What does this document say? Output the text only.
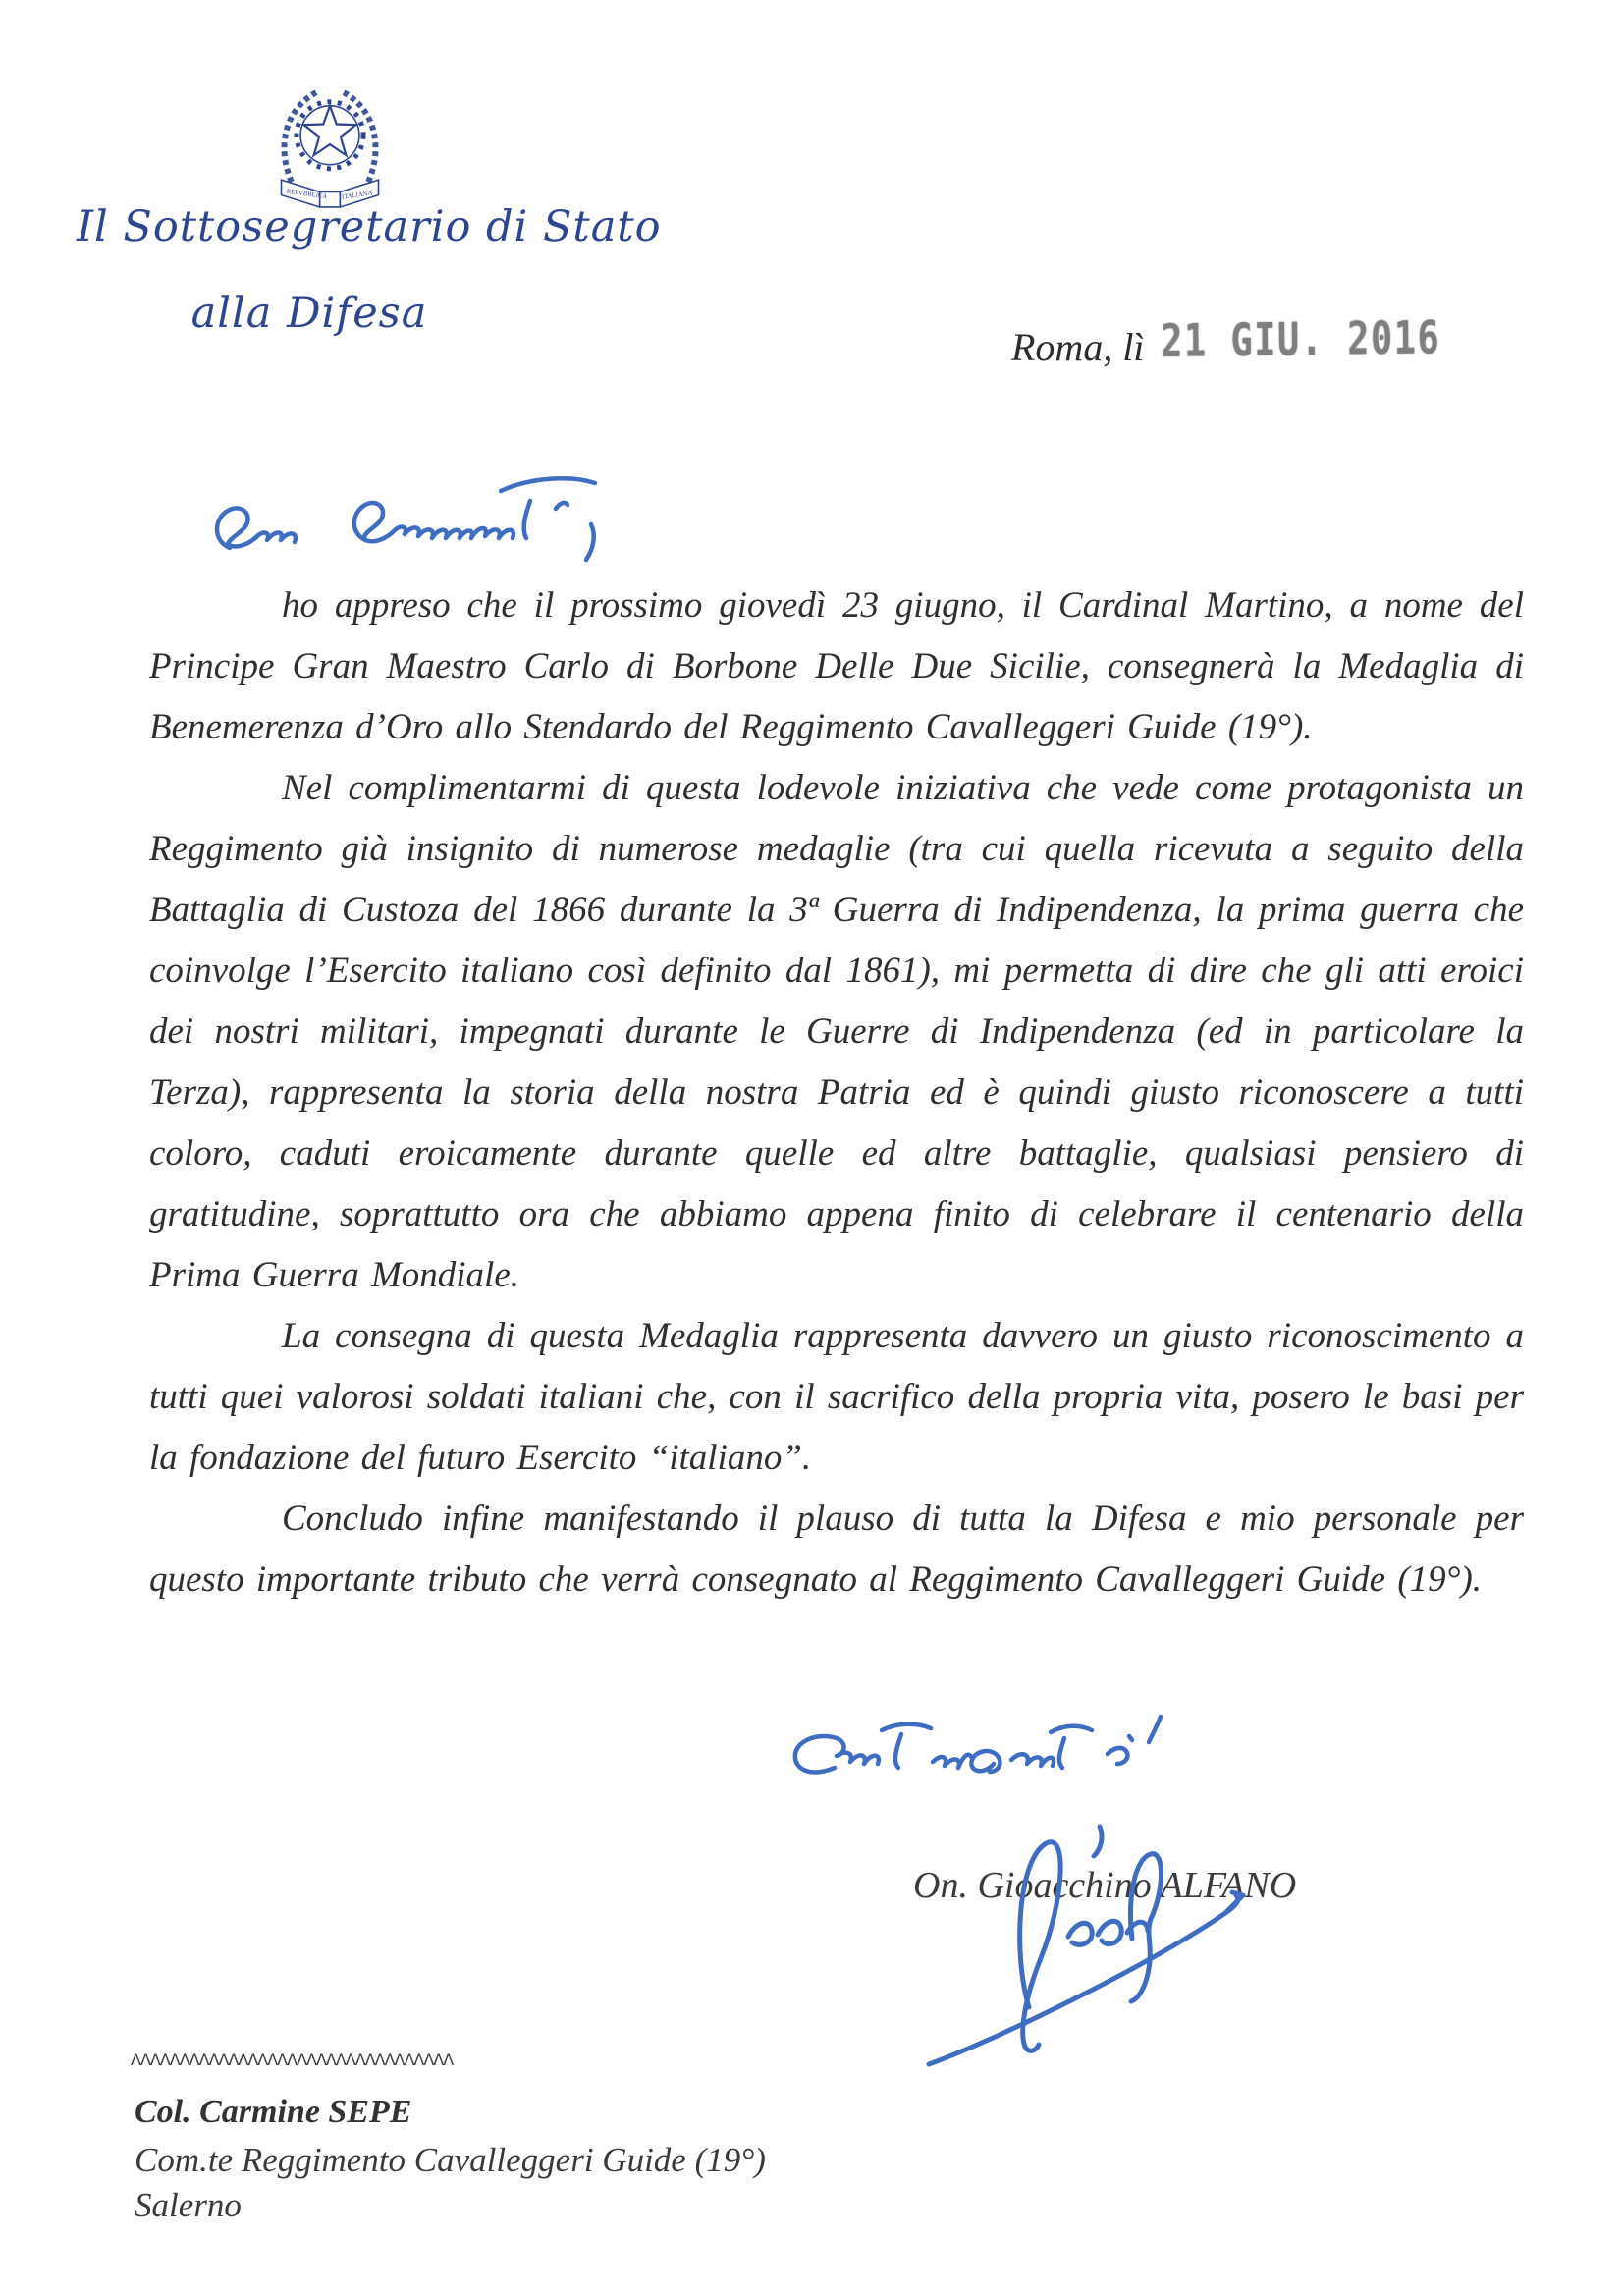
REPVBBLICA ITALIANA
Il Sottosegretario di Stato
alla Difesa
Roma, lì 21 GIU. 2016

ho appreso che il prossimo giovedì 23 giugno, il Cardinal Martino, a nome del Principe Gran Maestro Carlo di Borbone Delle Due Sicilie, consegnerà la Medaglia di Benemerenza d’Oro allo Stendardo del Reggimento Cavalleggeri Guide (19°).

Nel complimentarmi di questa lodevole iniziativa che vede come protagonista un Reggimento già insignito di numerose medaglie (tra cui quella ricevuta a seguito della Battaglia di Custoza del 1866 durante la 3ª Guerra di Indipendenza, la prima guerra che coinvolge l’Esercito italiano così definito dal 1861), mi permetta di dire che gli atti eroici dei nostri militari, impegnati durante le Guerre di Indipendenza (ed in particolare la Terza), rappresenta la storia della nostra Patria ed è quindi giusto riconoscere a tutti coloro, caduti eroicamente durante quelle ed altre battaglie, qualsiasi pensiero di gratitudine, soprattutto ora che abbiamo appena finito di celebrare il centenario della Prima Guerra Mondiale.

La consegna di questa Medaglia rappresenta davvero un giusto riconoscimento a tutti quei valorosi soldati italiani che, con il sacrifico della propria vita, posero le basi per la fondazione del futuro Esercito “italiano”.

Concludo infine manifestando il plauso di tutta la Difesa e mio personale per questo importante tributo che verrà consegnato al Reggimento Cavalleggeri Guide (19°).

On. Gioacchino ALFANO
ΛΛΛΛΛΛΛΛΛΛΛΛΛΛΛΛΛΛΛΛΛΛΛΛΛΛΛΛΛΛΛΛΛ
Col. Carmine SEPE
Com.te Reggimento Cavalleggeri Guide (19°)
Salerno
